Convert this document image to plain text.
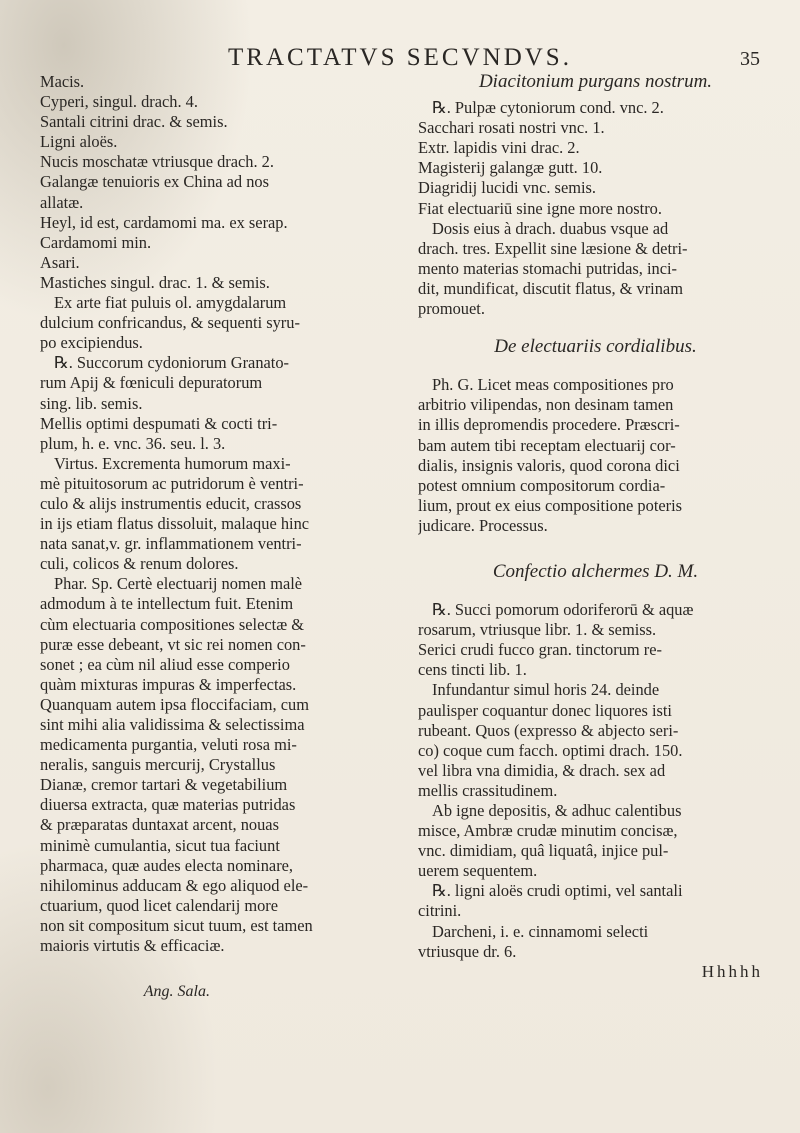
TRACTATVS SECVNDVS.	35
Macis.
Cyperi, singul. drach. 4.
Santali citrini drac. & semis.
Ligni aloës.
Nucis moschatæ vtriusque drach. 2.
Galangæ tenuioris ex China ad nos
allatæ.
Heyl, id est, cardamomi ma. ex serap.
Cardamomi min.
Asari.
Mastiches singul. drac. 1. & semis.
Ex arte fiat puluis ol. amygdalarum
dulcium confricandus, & sequenti syru-
po excipiendus.
℞. Succorum cydoniorum Granato-
rum Apij & fœniculi depuratorum
sing. lib. semis.
Mellis optimi despumati & cocti tri-
plum, h. e. vnc. 36. seu. l. 3.
Virtus. Excrementa humorum maxi-
mè pituitosorum ac putridorum è ventri-
culo & alijs instrumentis educit, crassos
in ijs etiam flatus dissoluit, malaque hinc
nata sanat,v. gr. inflammationem ventri-
culi, colicos & renum dolores.
Phar. Sp. Certè electuarij nomen malè
admodum à te intellectum fuit. Etenim
cùm electuaria compositiones selectæ &
puræ esse debeant, vt sic rei nomen con-
sonet ; ea cùm nil aliud esse comperio
quàm mixturas impuras & imperfectas.
Quanquam autem ipsa floccifaciam, cum
sint mihi alia validissima & selectissima
medicamenta purgantia, veluti rosa mi-
neralis, sanguis mercurij, Crystallus
Dianæ, cremor tartari & vegetabilium
diuersa extracta, quæ materias putridas
& præparatas duntaxat arcent, nouas
minimè cumulantia, sicut tua faciunt
pharmaca, quæ audes electa nominare,
nihilominus adducam & ego aliquod ele-
ctuarium, quod licet calendarij more
non sit compositum sicut tuum, est tamen
maioris virtutis & efficaciæ.
Ang. Sala.
Diacitonium purgans nostrum.
℞. Pulpæ cytoniorum cond. vnc. 2.
Sacchari rosati nostri vnc. 1.
Extr. lapidis vini drac. 2.
Magisterij galangæ gutt. 10.
Diagridij lucidi vnc. semis.
Fiat electuariū sine igne more nostro.
Dosis eius à drach. duabus vsque ad
drach. tres. Expellit sine læsione & detri-
mento materias stomachi putridas, inci-
dit, mundificat, discutit flatus, & vrinam
promouet.
De electuariis cordialibus.
Ph. G. Licet meas compositiones pro
arbitrio vilipendas, non desinam tamen
in illis depromendis procedere. Præscri-
bam autem tibi receptam electuarij cor-
dialis, insignis valoris, quod corona dici
potest omnium compositorum cordia-
lium, prout ex eius compositione poteris
judicare. Processus.
Confectio alchermes D. M.
℞. Succi pomorum odoriferorū & aquæ
rosarum, vtriusque libr. 1. & semiss.
Serici crudi fucco gran. tinctorum re-
cens tincti lib. 1.
Infundantur simul horis 24. deinde
paulisper coquantur donec liquores isti
rubeant. Quos (expresso & abjecto seri-
co) coque cum facch. optimi drach. 150.
vel libra vna dimidia, & drach. sex ad
mellis crassitudinem.
Ab igne depositis, & adhuc calentibus
misce, Ambræ crudæ minutim concisæ,
vnc. dimidiam, quâ liquatâ, injice pul-
uerem sequentem.
℞. ligni aloës crudi optimi, vel santali
citrini.
Darcheni, i. e. cinnamomi selecti
vtriusque dr. 6.
Hhhhh
